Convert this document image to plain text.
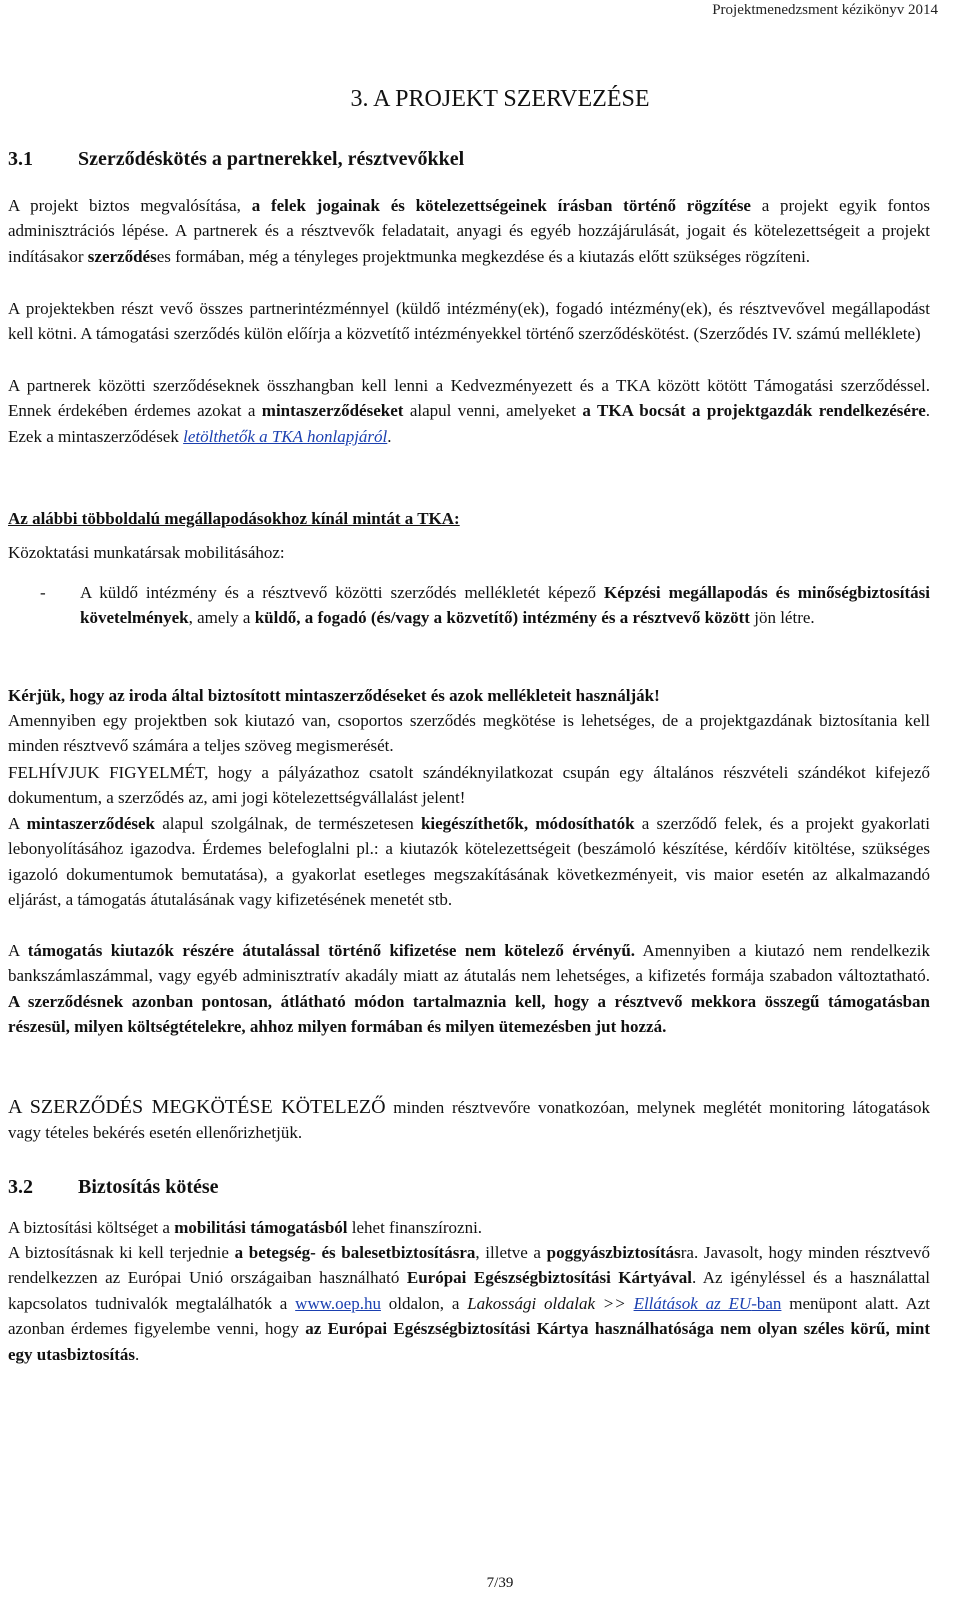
Projektmenedzsment kézikönyv 2014
3. A PROJEKT SZERVEZÉSE
3.1 Szerződéskötés a partnerekkel, résztvevőkkel
A projekt biztos megvalósítása, a felek jogainak és kötelezettségeinek írásban történő rögzítése a projekt egyik fontos adminisztrációs lépése. A partnerek és a résztvevők feladatait, anyagi és egyéb hozzájárulását, jogait és kötelezettségeit a projekt indításakor szerződéses formában, még a tényleges projektmunka megkezdése és a kiutazás előtt szükséges rögzíteni.
A projektekben részt vevő összes partnerintézménnyel (küldő intézmény(ek), fogadó intézmény(ek), és résztvevővel megállapodást kell kötni. A támogatási szerződés külön előírja a közvetítő intézményekkel történő szerződéskötést. (Szerződés IV. számú melléklete)
A partnerek közötti szerződéseknek összhangban kell lenni a Kedvezményezett és a TKA között kötött Támogatási szerződéssel. Ennek érdekében érdemes azokat a mintaszerződéseket alapul venni, amelyeket a TKA bocsát a projektgazdák rendelkezésére. Ezek a mintaszerződések letölthetők a TKA honlapjáról.
Az alábbi többoldalú megállapodásokhoz kínál mintát a TKA:
Közoktatási munkatársak mobilitásához:
- A küldő intézmény és a résztvevő közötti szerződés mellékletét képező Képzési megállapodás és minőségbiztosítási követelmények, amely a küldő, a fogadó (és/vagy a közvetítő) intézmény és a résztvevő között jön létre.
Kérjük, hogy az iroda által biztosított mintaszerződéseket és azok mellékleteit használják!
Amennyiben egy projektben sok kiutazó van, csoportos szerződés megkötése is lehetséges, de a projektgazdának biztosítania kell minden résztvevő számára a teljes szöveg megismerését.
FELHÍVJUK FIGYELMÉT, hogy a pályázathoz csatolt szándéknyilatkozat csupán egy általános részvételi szándékot kifejező dokumentum, a szerződés az, ami jogi kötelezettségvállalást jelent!
A mintaszerződések alapul szolgálnak, de természetesen kiegészíthetők, módosíthatók a szerződő felek, és a projekt gyakorlati lebonyolításához igazodva. Érdemes belefoglalni pl.: a kiutazók kötelezettségeit (beszámoló készítése, kérdőív kitöltése, szükséges igazoló dokumentumok bemutatása), a gyakorlat esetleges megszakításának következményeit, vis maior esetén az alkalmazandó eljárást, a támogatás átutalásának vagy kifizetésének menetét stb.
A támogatás kiutazók részére átutalással történő kifizetése nem kötelező érvényű. Amennyiben a kiutazó nem rendelkezik bankszámlaszámmal, vagy egyéb adminisztratív akadály miatt az átutalás nem lehetséges, a kifizetés formája szabadon változtatható. A szerződésnek azonban pontosan, átlátható módon tartalmaznia kell, hogy a résztvevő mekkora összegű támogatásban részesül, milyen költségtételekre, ahhoz milyen formában és milyen ütemezésben jut hozzá.
A SZERZŐDÉS MEGKÖTÉSE KÖTELEZŐ minden résztvevőre vonatkozóan, melynek meglétét monitoring látogatások vagy tételes bekérés esetén ellenőrizhetjük.
3.2 Biztosítás kötése
A biztosítási költséget a mobilitási támogatásból lehet finanszírozni.
A biztosításnak ki kell terjednie a betegség- és balesetbiztosításra, illetve a poggyászbiztosításra. Javasolt, hogy minden résztvevő rendelkezzen az Európai Unió országaiban használható Európai Egészségbiztosítási Kártyával. Az igényléssel és a használattal kapcsolatos tudnivalók megtalálhatók a www.oep.hu oldalon, a Lakossági oldalak >> Ellátások az EU-ban menüpont alatt. Azt azonban érdemes figyelembe venni, hogy az Európai Egészségbiztosítási Kártya használhatósága nem olyan széles körű, mint egy utasbiztosítás.
7/39
